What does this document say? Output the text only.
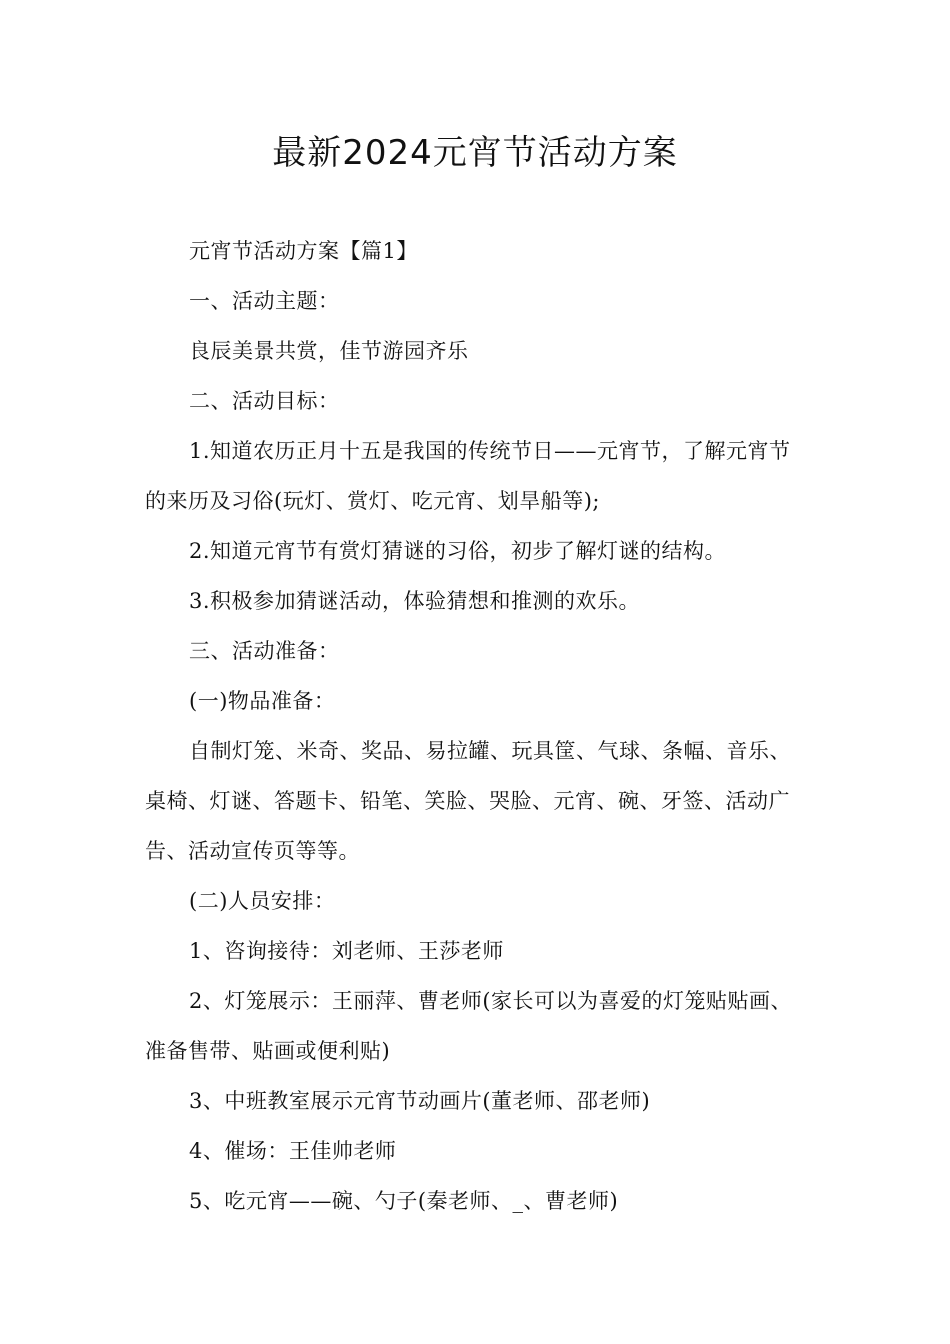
最新2024元宵节活动方案

元宵节活动方案【篇1】

一、活动主题：

良辰美景共赏，佳节游园齐乐

二、活动目标：

1.知道农历正月十五是我国的传统节日——元宵节，了解元宵节的来历及习俗(玩灯、赏灯、吃元宵、划旱船等);

2.知道元宵节有赏灯猜谜的习俗，初步了解灯谜的结构。

3.积极参加猜谜活动，体验猜想和推测的欢乐。

三、活动准备：

(一)物品准备：

自制灯笼、米奇、奖品、易拉罐、玩具筐、气球、条幅、音乐、桌椅、灯谜、答题卡、铅笔、笑脸、哭脸、元宵、碗、牙签、活动广告、活动宣传页等等。

(二)人员安排：

1、咨询接待：刘老师、王莎老师

2、灯笼展示：王丽萍、曹老师(家长可以为喜爱的灯笼贴贴画、准备售带、贴画或便利贴)

3、中班教室展示元宵节动画片(董老师、邵老师)

4、催场：王佳帅老师

5、吃元宵——碗、勺子(秦老师、_、曹老师)
